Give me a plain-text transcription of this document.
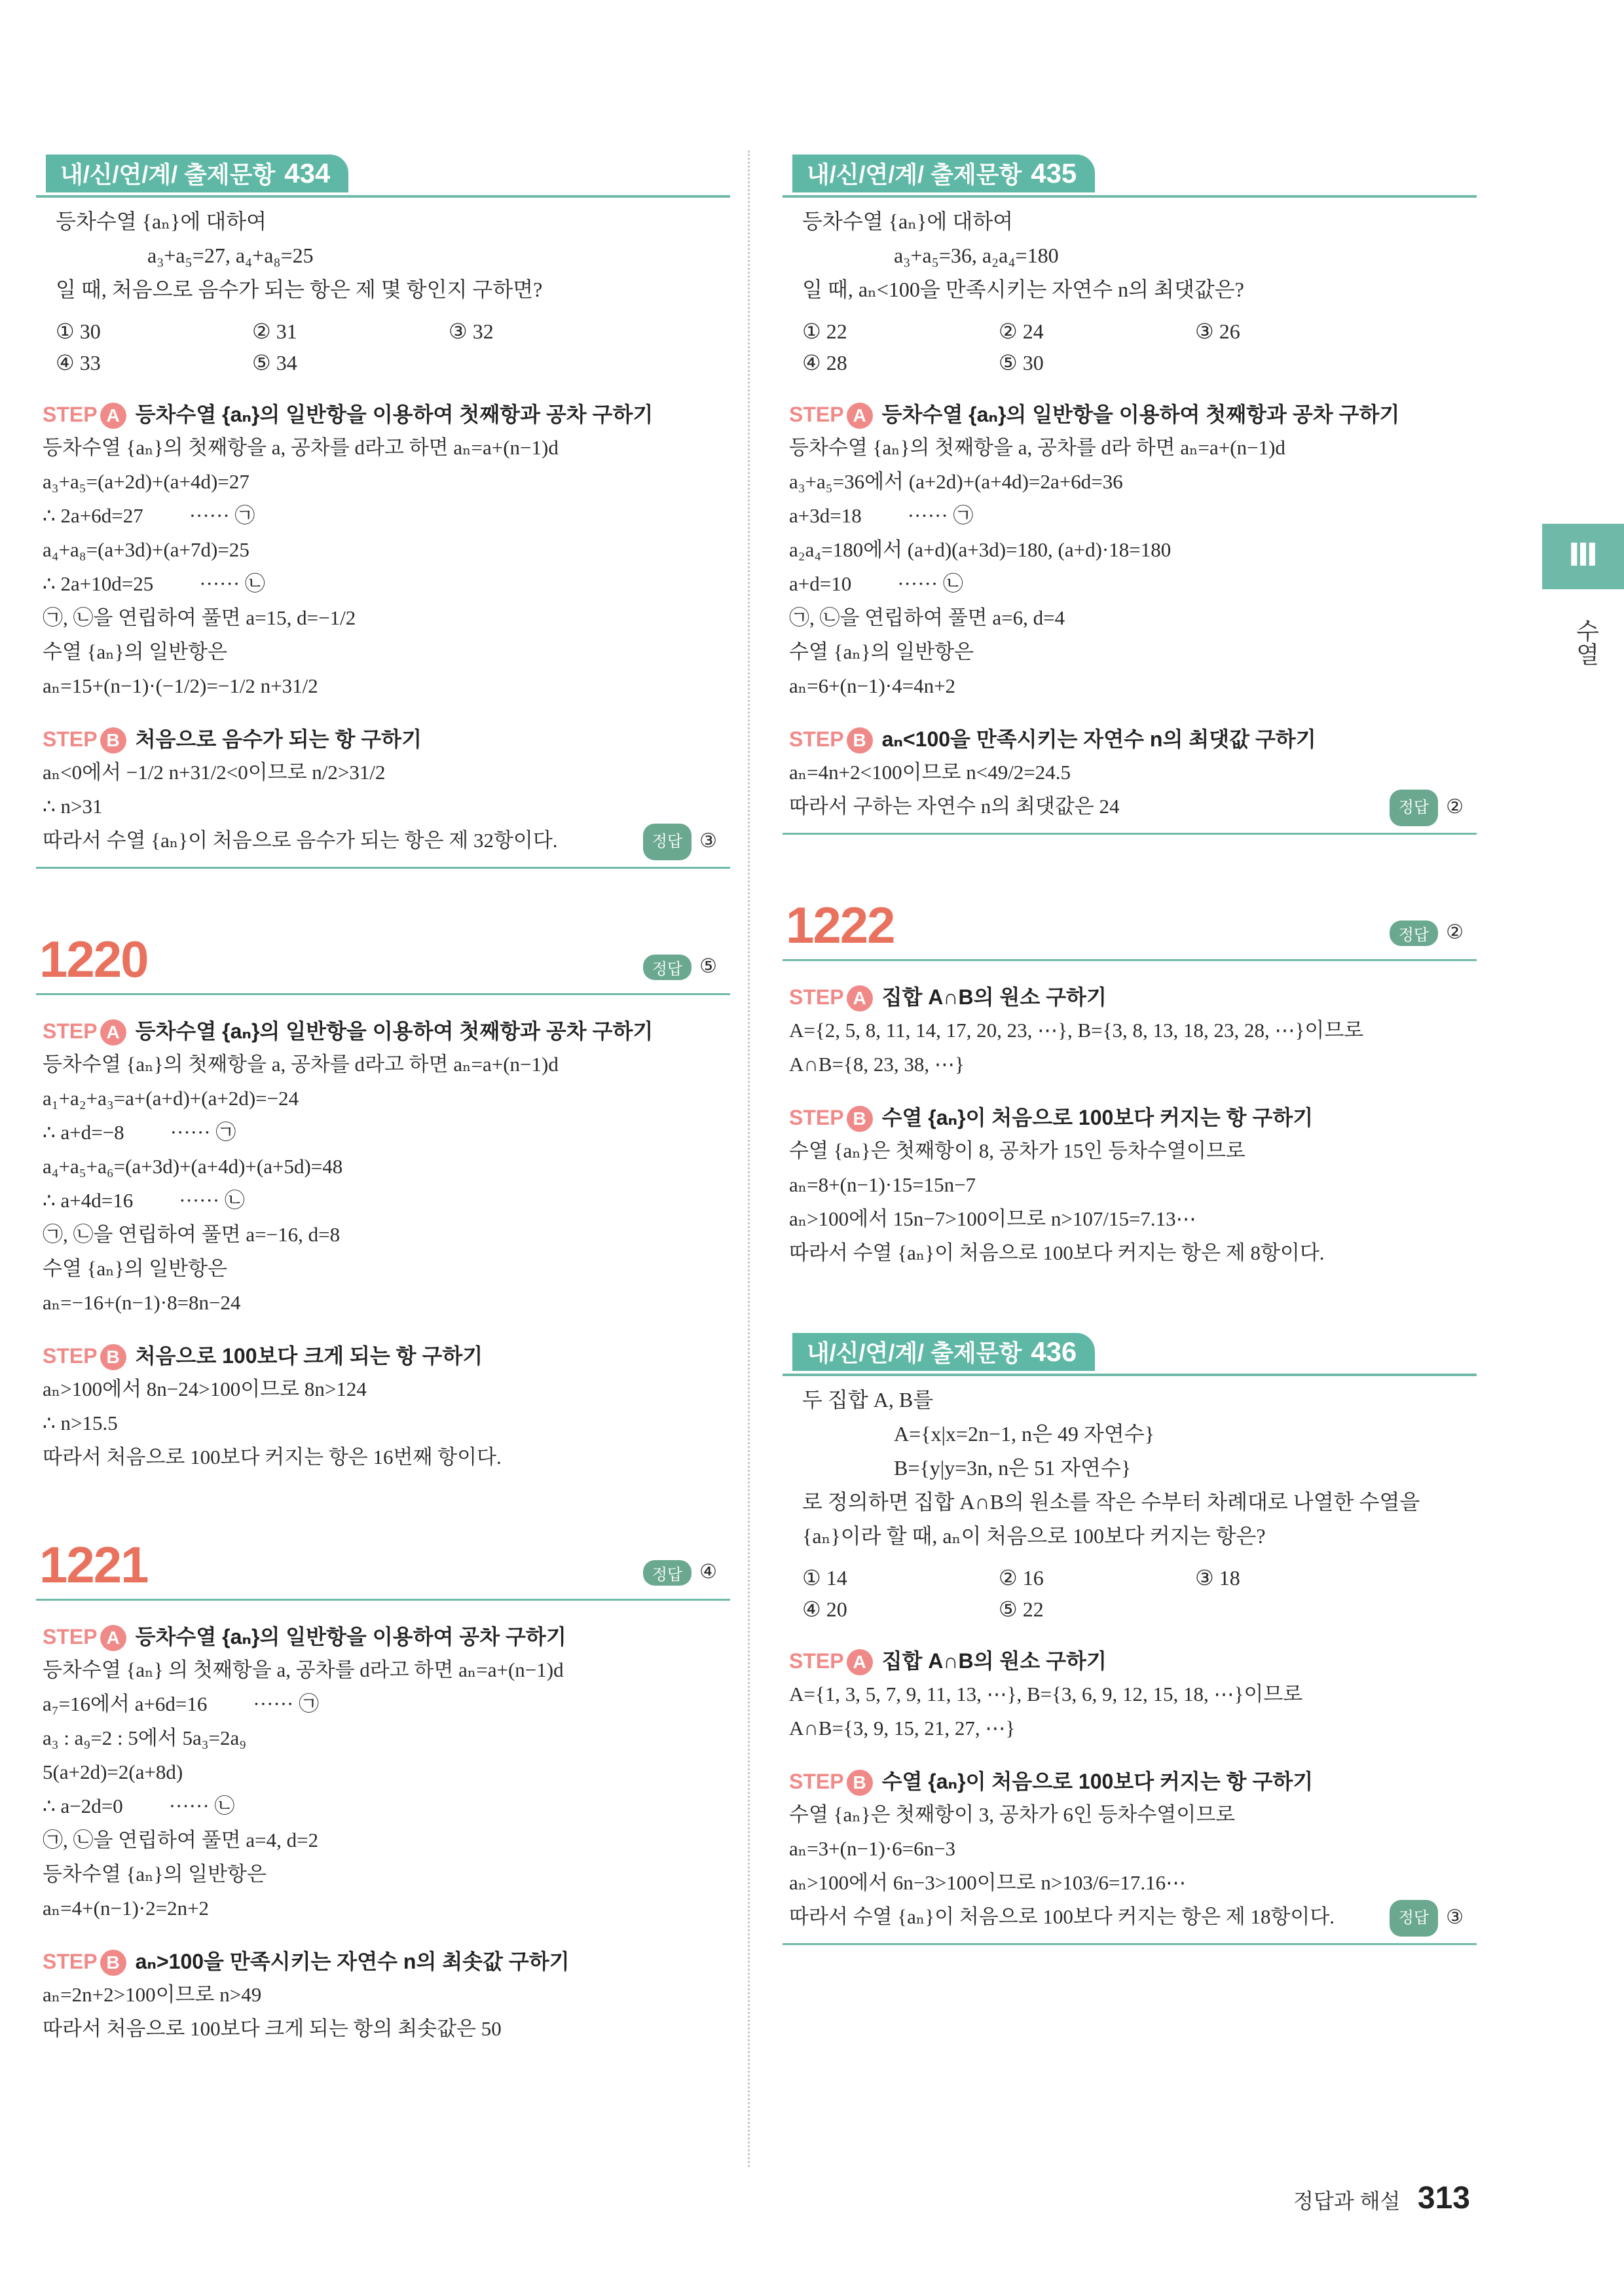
내/신/연/계/ 출제문항 434
등차수열 {aₙ}에 대하여
a₃+a₅=27, a₄+a₈=25
일 때, 처음으로 음수가 되는 항은 제 몇 항인지 구하면?
① 30	② 31	③ 32
④ 33	⑤ 34
STEP A 등차수열 {aₙ}의 일반항을 이용하여 첫째항과 공차 구하기
등차수열 {aₙ}의 첫째항을 a, 공차를 d라고 하면 aₙ=a+(n−1)d
a₃+a₅=(a+2d)+(a+4d)=27
∴ 2a+6d=27 ······ ㉠
a₄+a₈=(a+3d)+(a+7d)=25
∴ 2a+10d=25 ······ ㉡
㉠, ㉡을 연립하여 풀면 a=15, d=−1/2
수열 {aₙ}의 일반항은
aₙ=15+(n−1)·(−1/2)=−1/2 n+31/2
STEP B 처음으로 음수가 되는 항 구하기
aₙ<0에서 −1/2 n+31/2<0이므로 n/2>31/2
∴ n>31
따라서 수열 {aₙ}이 처음으로 음수가 되는 항은 제 32항이다.	정답 ③
1220	정답 ⑤
STEP A 등차수열 {aₙ}의 일반항을 이용하여 첫째항과 공차 구하기
등차수열 {aₙ}의 첫째항을 a, 공차를 d라고 하면 aₙ=a+(n−1)d
a₁+a₂+a₃=a+(a+d)+(a+2d)=−24
∴ a+d=−8 ······ ㉠
a₄+a₅+a₆=(a+3d)+(a+4d)+(a+5d)=48
∴ a+4d=16 ······ ㉡
㉠, ㉡을 연립하여 풀면 a=−16, d=8
수열 {aₙ}의 일반항은
aₙ=−16+(n−1)·8=8n−24
STEP B 처음으로 100보다 크게 되는 항 구하기
aₙ>100에서 8n−24>100이므로 8n>124
∴ n>15.5
따라서 처음으로 100보다 커지는 항은 16번째 항이다.
1221	정답 ④
STEP A 등차수열 {aₙ}의 일반항을 이용하여 공차 구하기
등차수열 {aₙ} 의 첫째항을 a, 공차를 d라고 하면 aₙ=a+(n−1)d
a₇=16에서 a+6d=16 ······ ㉠
a₃ : a₉=2 : 5에서 5a₃=2a₉
5(a+2d)=2(a+8d)
∴ a−2d=0 ······ ㉡
㉠, ㉡을 연립하여 풀면 a=4, d=2
등차수열 {aₙ}의 일반항은
aₙ=4+(n−1)·2=2n+2
STEP B aₙ>100을 만족시키는 자연수 n의 최솟값 구하기
aₙ=2n+2>100이므로 n>49
따라서 처음으로 100보다 크게 되는 항의 최솟값은 50
내/신/연/계/ 출제문항 435
등차수열 {aₙ}에 대하여
a₃+a₅=36, a₂a₄=180
일 때, aₙ<100을 만족시키는 자연수 n의 최댓값은?
① 22	② 24	③ 26
④ 28	⑤ 30
STEP A 등차수열 {aₙ}의 일반항을 이용하여 첫째항과 공차 구하기
등차수열 {aₙ}의 첫째항을 a, 공차를 d라 하면 aₙ=a+(n−1)d
a₃+a₅=36에서 (a+2d)+(a+4d)=2a+6d=36
a+3d=18 ······ ㉠
a₂a₄=180에서 (a+d)(a+3d)=180, (a+d)·18=180
a+d=10 ······ ㉡
㉠, ㉡을 연립하여 풀면 a=6, d=4
수열 {aₙ}의 일반항은
aₙ=6+(n−1)·4=4n+2
STEP B aₙ<100을 만족시키는 자연수 n의 최댓값 구하기
aₙ=4n+2<100이므로 n<49/2=24.5
따라서 구하는 자연수 n의 최댓값은 24	정답 ②
1222	정답 ②
STEP A 집합 A∩B의 원소 구하기
A={2, 5, 8, 11, 14, 17, 20, 23, ⋯}, B={3, 8, 13, 18, 23, 28, ⋯}이므로
A∩B={8, 23, 38, ⋯}
STEP B 수열 {aₙ}이 처음으로 100보다 커지는 항 구하기
수열 {aₙ}은 첫째항이 8, 공차가 15인 등차수열이므로
aₙ=8+(n−1)·15=15n−7
aₙ>100에서 15n−7>100이므로 n>107/15=7.13⋯
따라서 수열 {aₙ}이 처음으로 100보다 커지는 항은 제 8항이다.
내/신/연/계/ 출제문항 436
두 집합 A, B를
A={x|x=2n−1, n은 49 자연수}
B={y|y=3n, n은 51 자연수}
로 정의하면 집합 A∩B의 원소를 작은 수부터 차례대로 나열한 수열을
{aₙ}이라 할 때, aₙ이 처음으로 100보다 커지는 항은?
① 14	② 16	③ 18
④ 20	⑤ 22
STEP A 집합 A∩B의 원소 구하기
A={1, 3, 5, 7, 9, 11, 13, ⋯}, B={3, 6, 9, 12, 15, 18, ⋯}이므로
A∩B={3, 9, 15, 21, 27, ⋯}
STEP B 수열 {aₙ}이 처음으로 100보다 커지는 항 구하기
수열 {aₙ}은 첫째항이 3, 공차가 6인 등차수열이므로
aₙ=3+(n−1)·6=6n−3
aₙ>100에서 6n−3>100이므로 n>103/6=17.16⋯
따라서 수열 {aₙ}이 처음으로 100보다 커지는 항은 제 18항이다.	정답 ③
Ⅲ
수열
정답과 해설 313
